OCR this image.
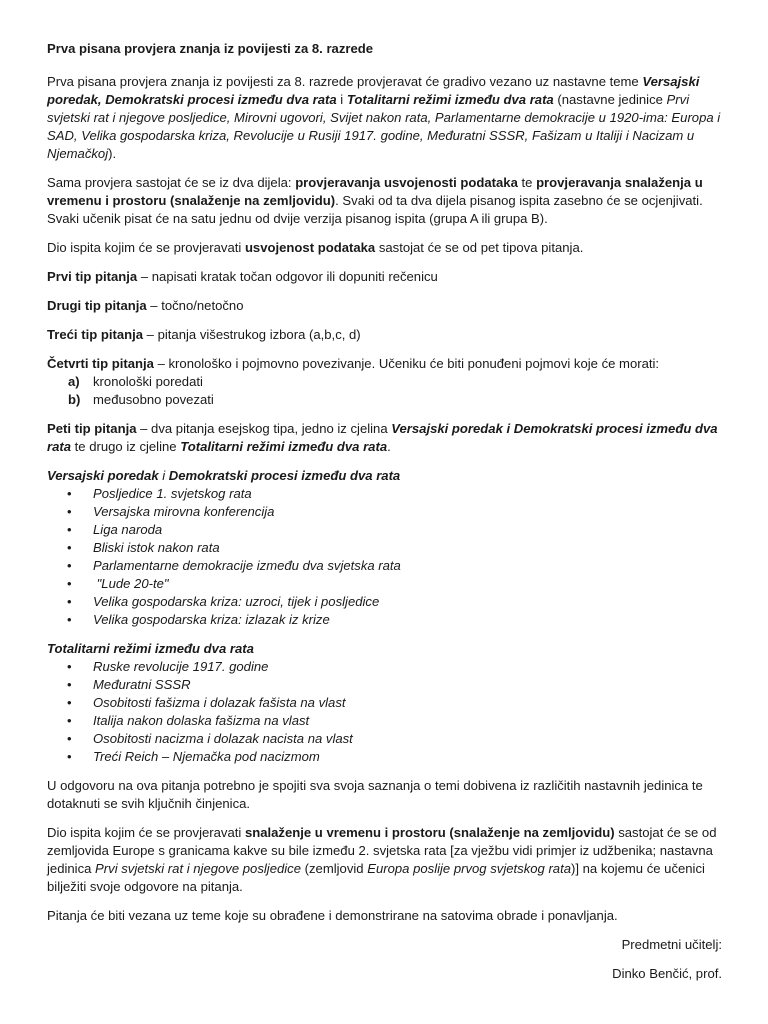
Prva pisana provjera znanja iz povijesti za 8. razrede

Prva pisana provjera znanja iz povijesti za 8. razrede provjeravat će gradivo vezano uz nastavne teme Versajski poredak, Demokratski procesi između dva rata i Totalitarni režimi između dva rata (nastavne jedinice Prvi svjetski rat i njegove posljedice, Mirovni ugovori, Svijet nakon rata, Parlamentarne demokracije u 1920-ima: Europa i SAD, Velika gospodarska kriza, Revolucije u Rusiji 1917. godine, Međuratni SSSR, Fašizam u Italiji i Nacizam u Njemačkoj).

Sama provjera sastojat će se iz dva dijela: provjeravanja usvojenosti podataka te provjeravanja snalaženja u vremenu i prostoru (snalaženje na zemljovidu). Svaki od ta dva dijela pisanog ispita zasebno će se ocjenjivati. Svaki učenik pisat će na satu jednu od dvije verzija pisanog ispita (grupa A ili grupa B).

Dio ispita kojim će se provjeravati usvojenost podataka sastojat će se od pet tipova pitanja.

Prvi tip pitanja – napisati kratak točan odgovor ili dopuniti rečenicu

Drugi tip pitanja – točno/netočno

Treći tip pitanja – pitanja višestrukog izbora (a,b,c, d)

Četvrti tip pitanja – kronološko i pojmovno povezivanje. Učeniku će biti ponuđeni pojmovi koje će morati:

a)	kronološki poredati
b) međusobno povezati

Peti tip pitanja – dva pitanja esejskog tipa, jedno iz cjelina Versajski poredak i Demokratski procesi između dva rata te drugo iz cjeline Totalitarni režimi između dva rata.

Versajski poredak i Demokratski procesi između dva rata

•	Posljedice 1. svjetskog rata
•	Versajska mirovna konferencija
•	Liga naroda
•	Bliski istok nakon rata
•	Parlamentarne demokracije između dva svjetska rata
•	"Lude 20-te"
•	Velika gospodarska kriza: uzroci, tijek i posljedice
•	Velika gospodarska kriza: izlazak iz krize

Totalitarni režimi između dva rata

•	Ruske revolucije 1917. godine
•	Međuratni SSSR
•	Osobitosti fašizma i dolazak fašista na vlast
•	Italija nakon dolaska fašizma na vlast
•	Osobitosti nacizma i dolazak nacista na vlast
•	Treći Reich – Njemačka pod nacizmom

U odgovoru na ova pitanja potrebno je spojiti sva svoja saznanja o temi dobivena iz različitih nastavnih jedinica te dotaknuti se svih ključnih činjenica.

Dio ispita kojim će se provjeravati snalaženje u vremenu i prostoru (snalaženje na zemljovidu) sastojat će se od zemljovida Europe s granicama kakve su bile između 2. svjetska rata [za vježbu vidi primjer iz udžbenika; nastavna jedinica Prvi svjetski rat i njegove posljedice (zemljovid Europa poslije prvog svjetskog rata)] na kojemu će učenici bilježiti svoje odgovore na pitanja.

Pitanja će biti vezana uz teme koje su obrađene i demonstrirane na satovima obrade i ponavljanja.

Predmetni učitelj:

Dinko Benčić, prof.
